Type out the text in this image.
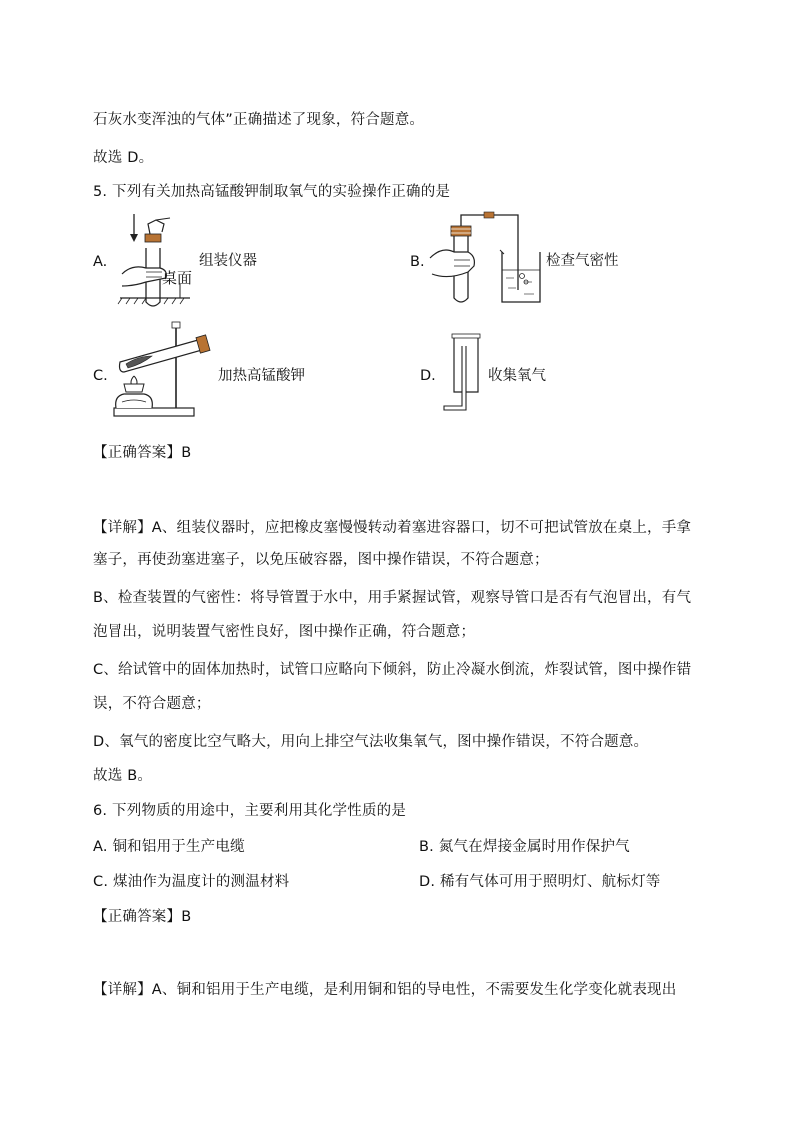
石灰水变浑浊的气体”正确描述了现象，符合题意。
故选 D。
5. 下列有关加热高锰酸钾制取氧气的实验操作正确的是
A.
桌面
组装仪器	B.	检查气密性
C.	加热高锰酸钾	D.	收集氧气
【正确答案】B
【详解】A、组装仪器时，应把橡皮塞慢慢转动着塞进容器口，切不可把试管放在桌上，手拿
塞子，再使劲塞进塞子，以免压破容器，图中操作错误，不符合题意；
B、检查装置的气密性：将导管置于水中，用手紧握试管，观察导管口是否有气泡冒出，有气
泡冒出，说明装置气密性良好，图中操作正确，符合题意；
C、给试管中的固体加热时，试管口应略向下倾斜，防止冷凝水倒流，炸裂试管，图中操作错
误，不符合题意；
D、氧气的密度比空气略大，用向上排空气法收集氧气，图中操作错误，不符合题意。
故选 B。
6. 下列物质的用途中，主要利用其化学性质的是
A. 铜和铝用于生产电缆	B. 氮气在焊接金属时用作保护气
C. 煤油作为温度计的测温材料	D. 稀有气体可用于照明灯、航标灯等
【正确答案】B
【详解】A、铜和铝用于生产电缆，是利用铜和铝的导电性，不需要发生化学变化就表现出
